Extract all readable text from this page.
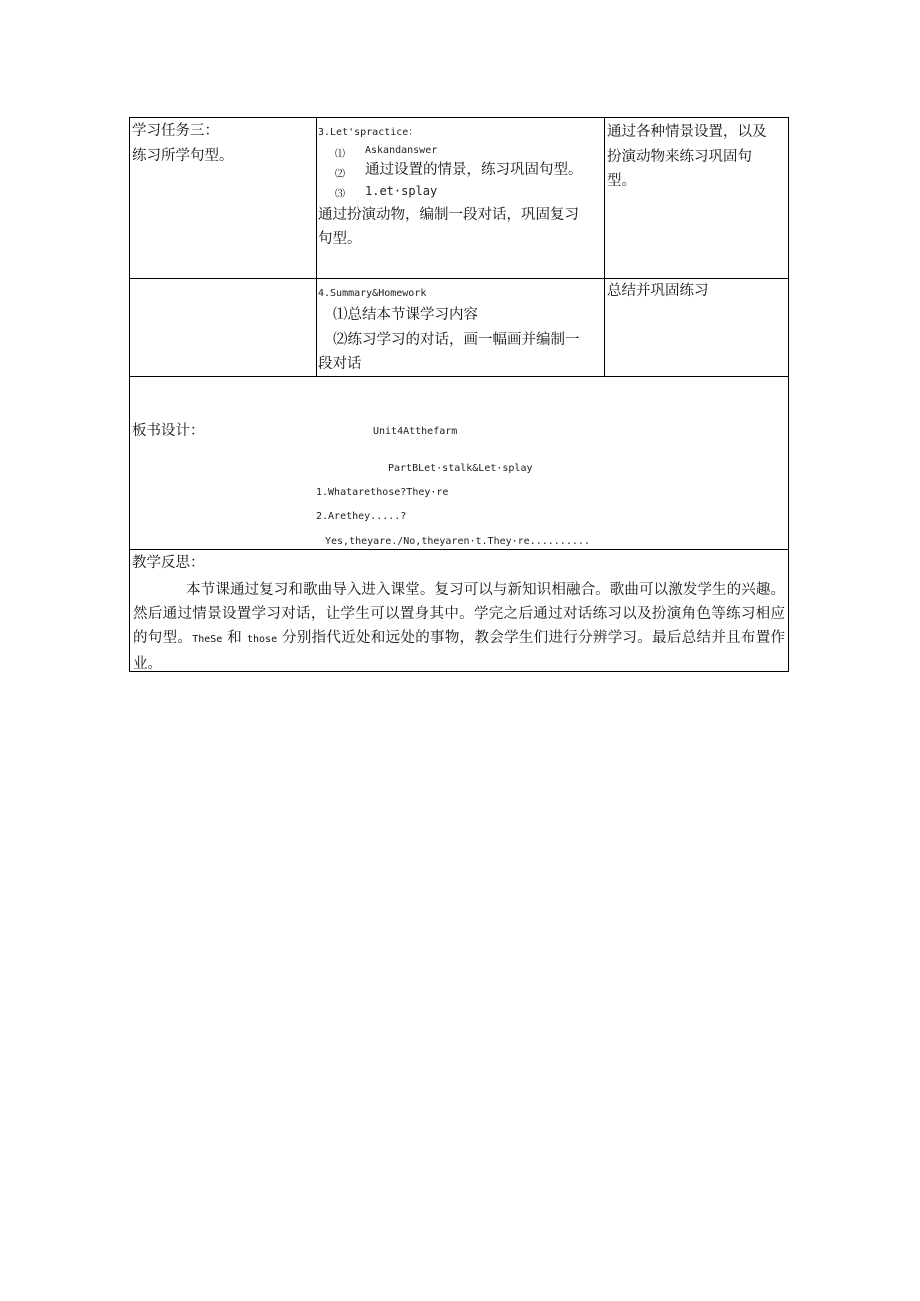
学习任务三：
练习所学句型。
3.Let'spractice：
⑴ Askandanswer
⑵ 通过设置的情景，练习巩固句型。
⑶ 1.et·splay
通过扮演动物，编制一段对话，巩固复习
句型。
通过各种情景设置，以及
扮演动物来练习巩固句
型。
4.Summary&Homework
⑴总结本节课学习内容
⑵练习学习的对话，画一幅画并编制一
段对话
总结并巩固练习
板书设计：	Unit4Atthefarm
PartBLet·stalk&Let·splay
1.Whatarethose?They·re
2.Arethey.....?
Yes,theyare./No,theyaren·t.They·re..........
教学反思：
本节课通过复习和歌曲导入进入课堂。复习可以与新知识相融合。歌曲可以激发学生的兴趣。然后通过情景设置学习对话，让学生可以置身其中。学完之后通过对话练习以及扮演角色等练习相应的句型。TheSe 和 those 分别指代近处和远处的事物，教会学生们进行分辨学习。最后总结并且布置作业。
